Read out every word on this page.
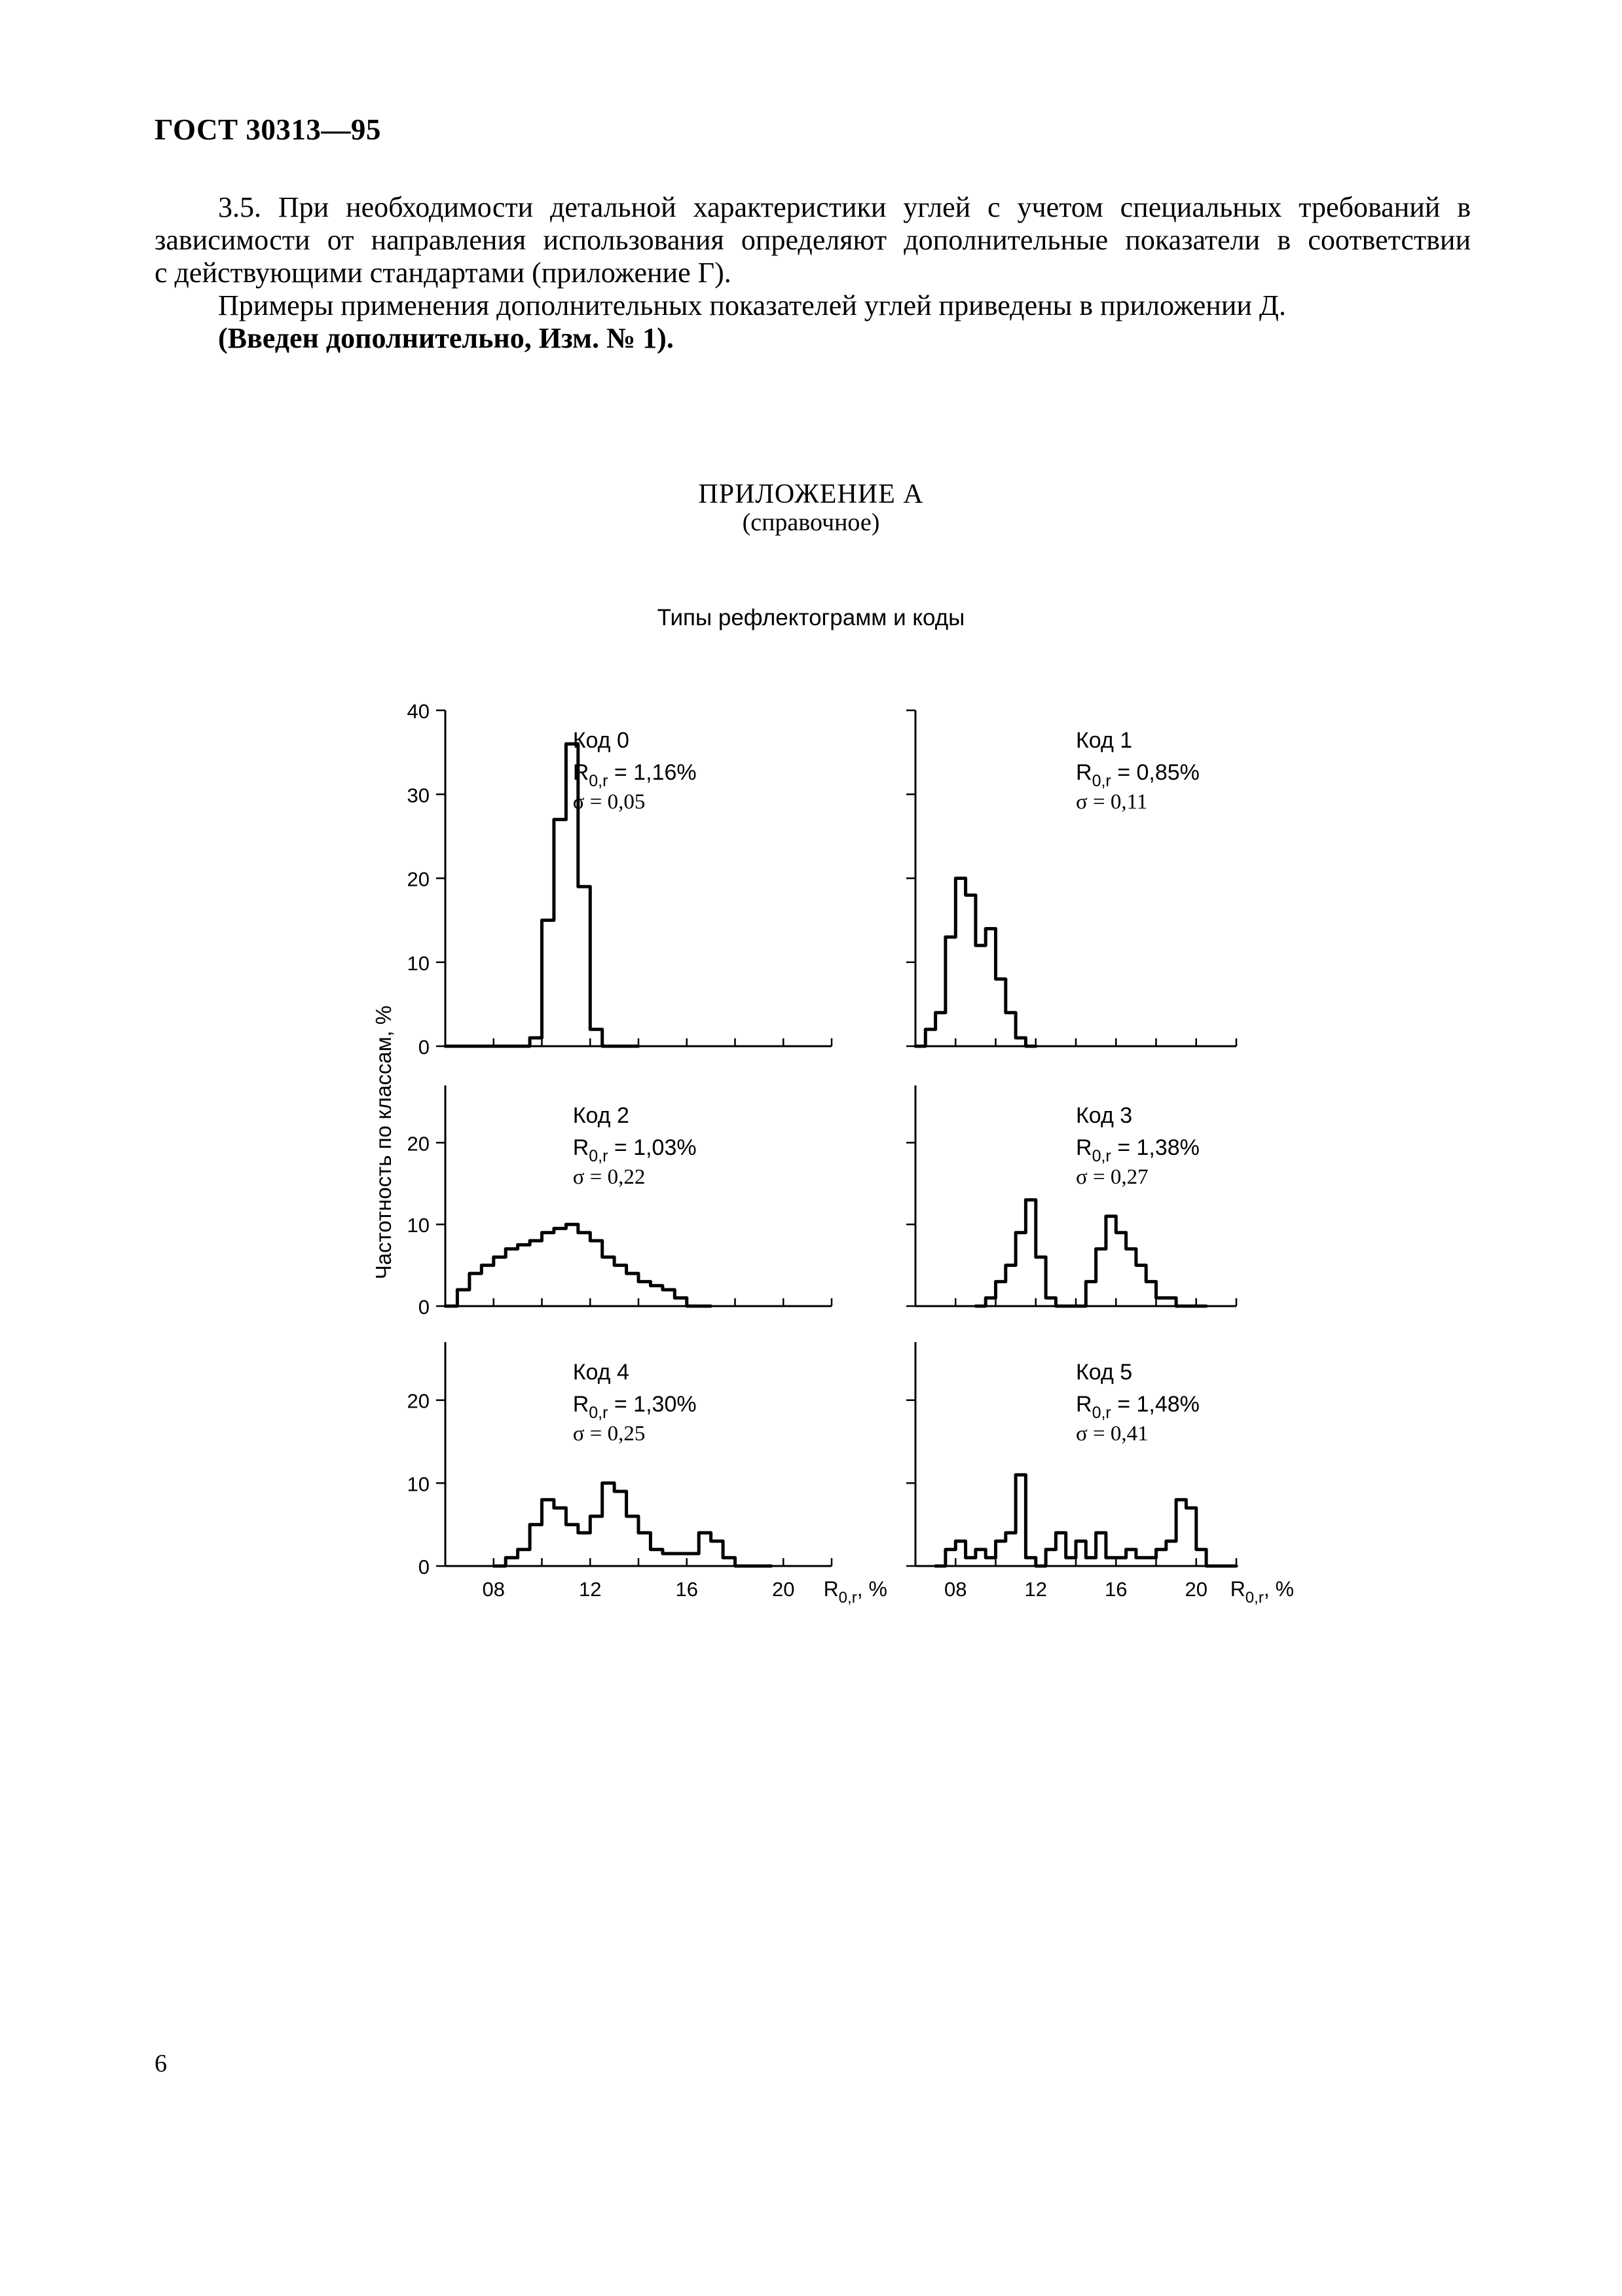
ГОСТ 30313—95

3.5. При необходимости детальной характеристики углей с учетом специальных требований в

зависимости от направления использования определяют дополнительные показатели в соответствии

с действующими стандартами (приложение Г).

Примеры применения дополнительных показателей углей приведены в приложении Д.

(Введен дополнительно, Изм. № 1).

ПРИЛОЖЕНИЕ А
(справочное)
Типы рефлектограмм и коды
40
30
20
10
0
Код 0
$R_{0,r} = 1,16\%$
σ = 0,05
Код 1
$R_{0,r} = 0,85\%$
σ = 0,11
20
10
0
Код 2
$R_{0,r} = 1,03\%$
σ = 0,22
Код 3
$R_{0,r} = 1,38\%$
σ = 0,27
20
10
0
Код 4
$R_{0,r} = 1,30\%$
σ = 0,25
Код 5
$R_{0,r} = 1,48\%$
σ = 0,41
08	12	16	20 $R_{0,r}$, %	08	12	16	20 $R_{0,r}$, %
Частотность по классам, %
6
